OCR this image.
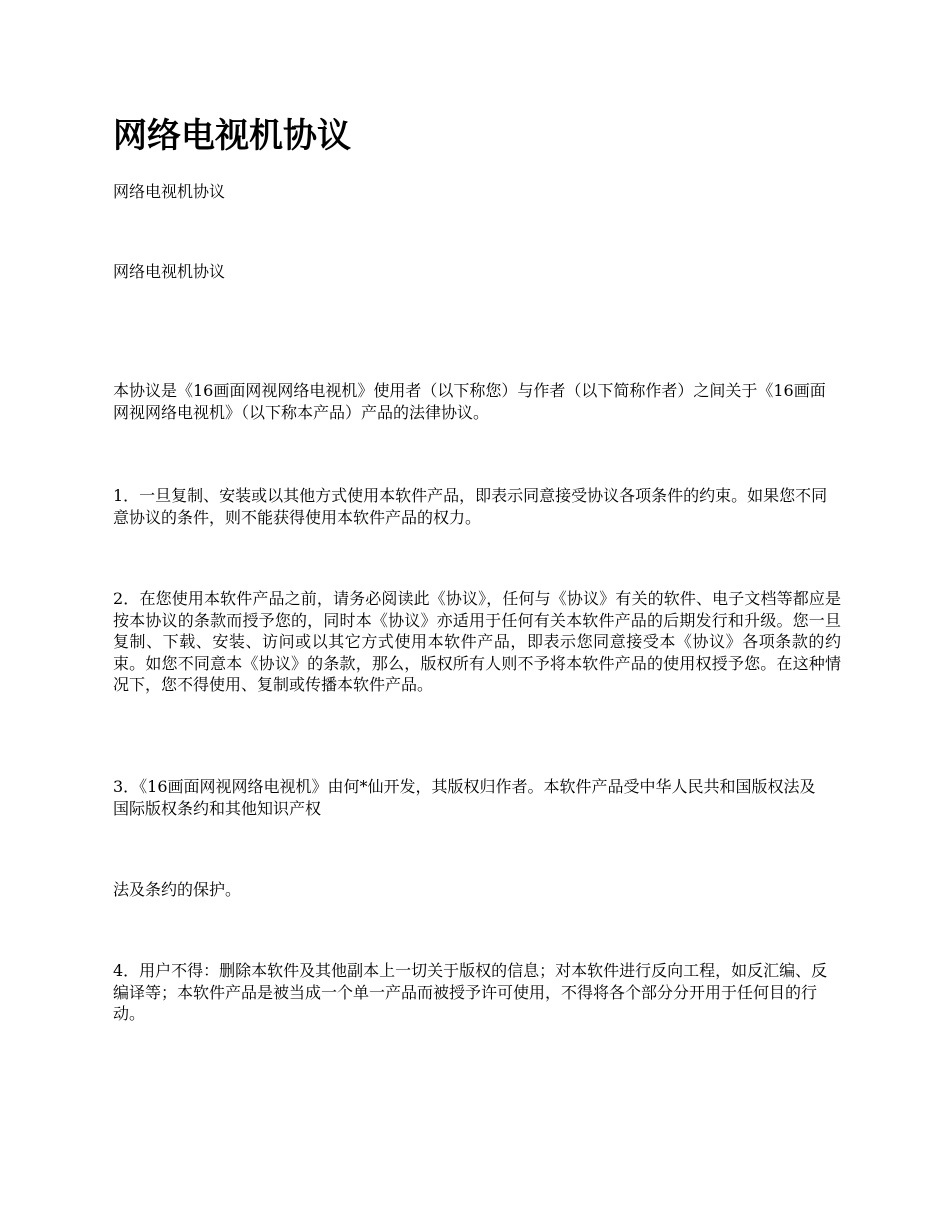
网络电视机协议

网络电视机协议

网络电视机协议

本协议是《16画面网视网络电视机》使用者（以下称您）与作者（以下简称作者）之间关于《16画面网视网络电视机》（以下称本产品）产品的法律协议。

1．一旦复制、安装或以其他方式使用本软件产品，即表示同意接受协议各项条件的约束。如果您不同意协议的条件，则不能获得使用本软件产品的权力。

2．在您使用本软件产品之前，请务必阅读此《协议》，任何与《协议》有关的软件、电子文档等都应是按本协议的条款而授予您的，同时本《协议》亦适用于任何有关本软件产品的后期发行和升级。您一旦复制、下载、安装、访问或以其它方式使用本软件产品，即表示您同意接受本《协议》各项条款的约束。如您不同意本《协议》的条款，那么，版权所有人则不予将本软件产品的使用权授予您。在这种情况下，您不得使用、复制或传播本软件产品。

3．《16画面网视网络电视机》由何*仙开发，其版权归作者。本软件产品受中华人民共和国版权法及国际版权条约和其他知识产权

法及条约的保护。

4．用户不得：删除本软件及其他副本上一切关于版权的信息；对本软件进行反向工程，如反汇编、反编译等；本软件产品是被当成一个单一产品而被授予许可使用，不得将各个部分分开用于任何目的行动。
